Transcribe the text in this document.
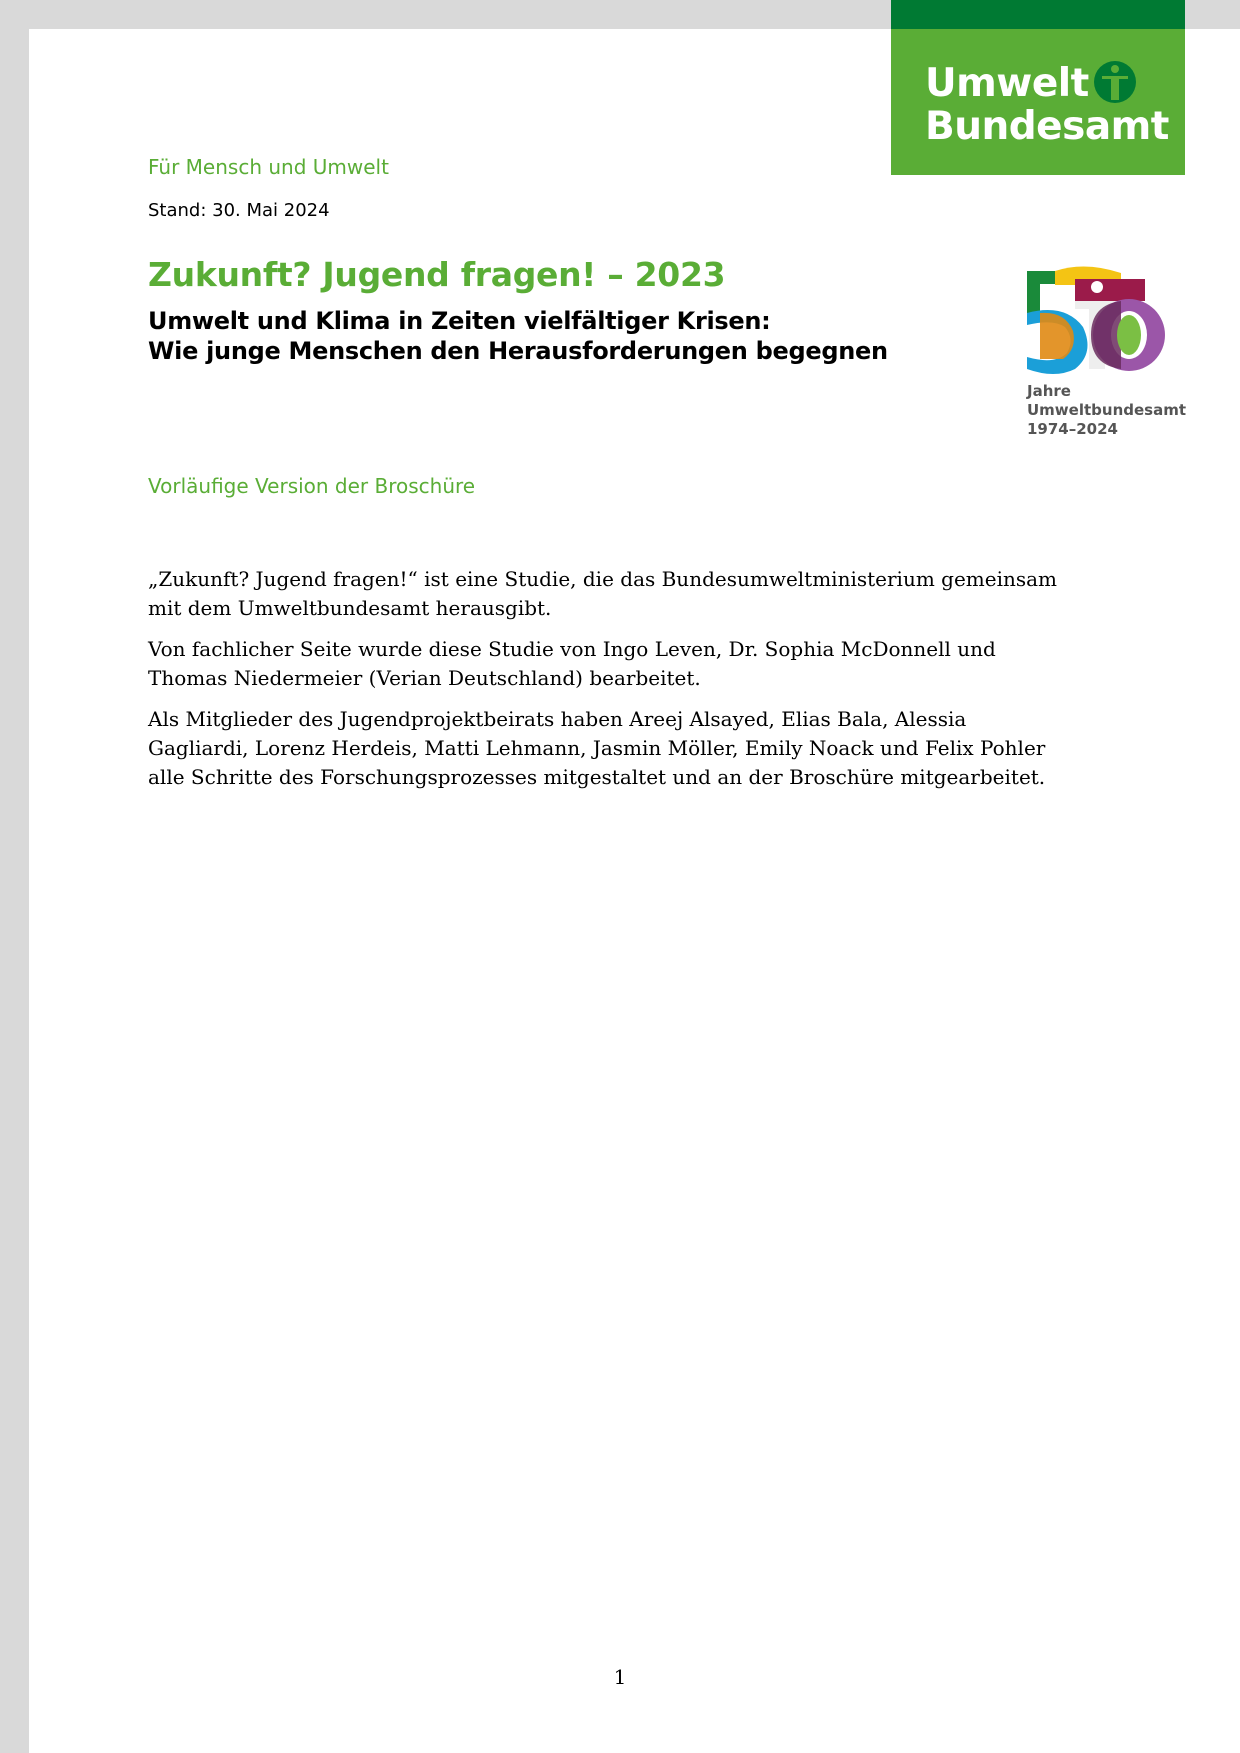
Umwelt
Bundesamt
Für Mensch und Umwelt
Stand: 30. Mai 2024
Zukunft? Jugend fragen! – 2023
Umwelt und Klima in Zeiten vielfältiger Krisen:
Wie junge Menschen den Herausforderungen begegnen
Jahre
Umweltbundesamt
1974–2024
Vorläufige Version der Broschüre

„Zukunft? Jugend fragen!“ ist eine Studie, die das Bundesumweltministerium gemeinsam mit dem Umweltbundesamt herausgibt.

Von fachlicher Seite wurde diese Studie von Ingo Leven, Dr. Sophia McDonnell und Thomas Niedermeier (Verian Deutschland) bearbeitet.

Als Mitglieder des Jugendprojektbeirats haben Areej Alsayed, Elias Bala, Alessia Gagliardi, Lorenz Herdeis, Matti Lehmann, Jasmin Möller, Emily Noack und Felix Pohler alle Schritte des Forschungsprozesses mitgestaltet und an der Broschüre mitgearbeitet.

1
